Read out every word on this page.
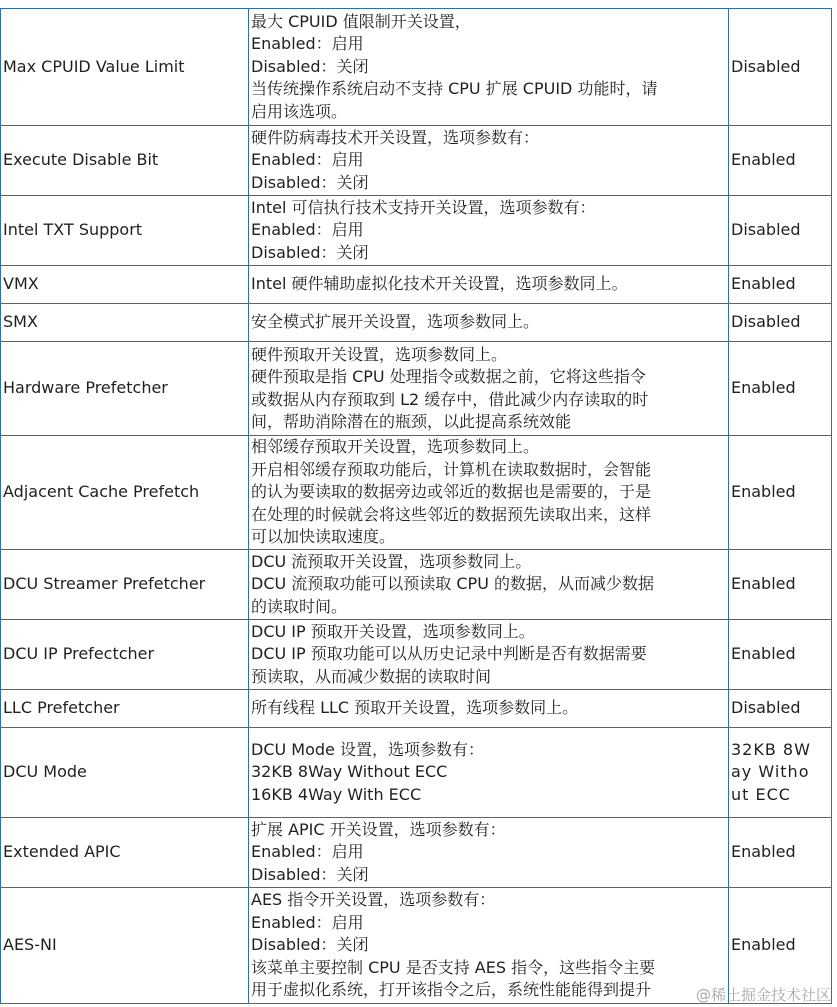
Max CPUID Value Limit	最大 CPUID 值限制开关设置，
Enabled：启用
Disabled：关闭
当传统操作系统启动不支持 CPU 扩展 CPUID 功能时，请
启用该选项。	Disabled
Execute Disable Bit	硬件防病毒技术开关设置，选项参数有：
Enabled：启用
Disabled：关闭	Enabled
Intel TXT Support	Intel 可信执行技术支持开关设置，选项参数有：
Enabled：启用
Disabled：关闭	Disabled
VMX	Intel 硬件辅助虚拟化技术开关设置，选项参数同上。	Enabled
SMX	安全模式扩展开关设置，选项参数同上。	Disabled
Hardware Prefetcher	硬件预取开关设置，选项参数同上。
硬件预取是指 CPU 处理指令或数据之前，它将这些指令
或数据从内存预取到 L2 缓存中，借此减少内存读取的时
间，帮助消除潜在的瓶颈，以此提高系统效能	Enabled
Adjacent Cache Prefetch	相邻缓存预取开关设置，选项参数同上。
开启相邻缓存预取功能后，计算机在读取数据时，会智能
的认为要读取的数据旁边或邻近的数据也是需要的，于是
在处理的时候就会将这些邻近的数据预先读取出来，这样
可以加快读取速度。	Enabled
DCU Streamer Prefetcher	DCU 流预取开关设置，选项参数同上。
DCU 流预取功能可以预读取 CPU 的数据，从而减少数据
的读取时间。	Enabled
DCU IP Prefectcher	DCU IP 预取开关设置，选项参数同上。
DCU IP 预取功能可以从历史记录中判断是否有数据需要
预读取，从而减少数据的读取时间	Enabled
LLC Prefetcher	所有线程 LLC 预取开关设置，选项参数同上。	Disabled
DCU Mode	DCU Mode 设置，选项参数有：
32KB 8Way Without ECC
16KB 4Way With ECC	32KB 8Way Without ECC

Extended APIC	扩展 APIC 开关设置，选项参数有：
Enabled：启用
Disabled：关闭	Enabled
AES-NI	AES 指令开关设置，选项参数有：
Enabled：启用
Disabled：关闭
该菜单主要控制 CPU 是否支持 AES 指令，这些指令主要
用于虚拟化系统，打开该指令之后，系统性能能得到提升	Enabled
@稀土掘金技术社区
